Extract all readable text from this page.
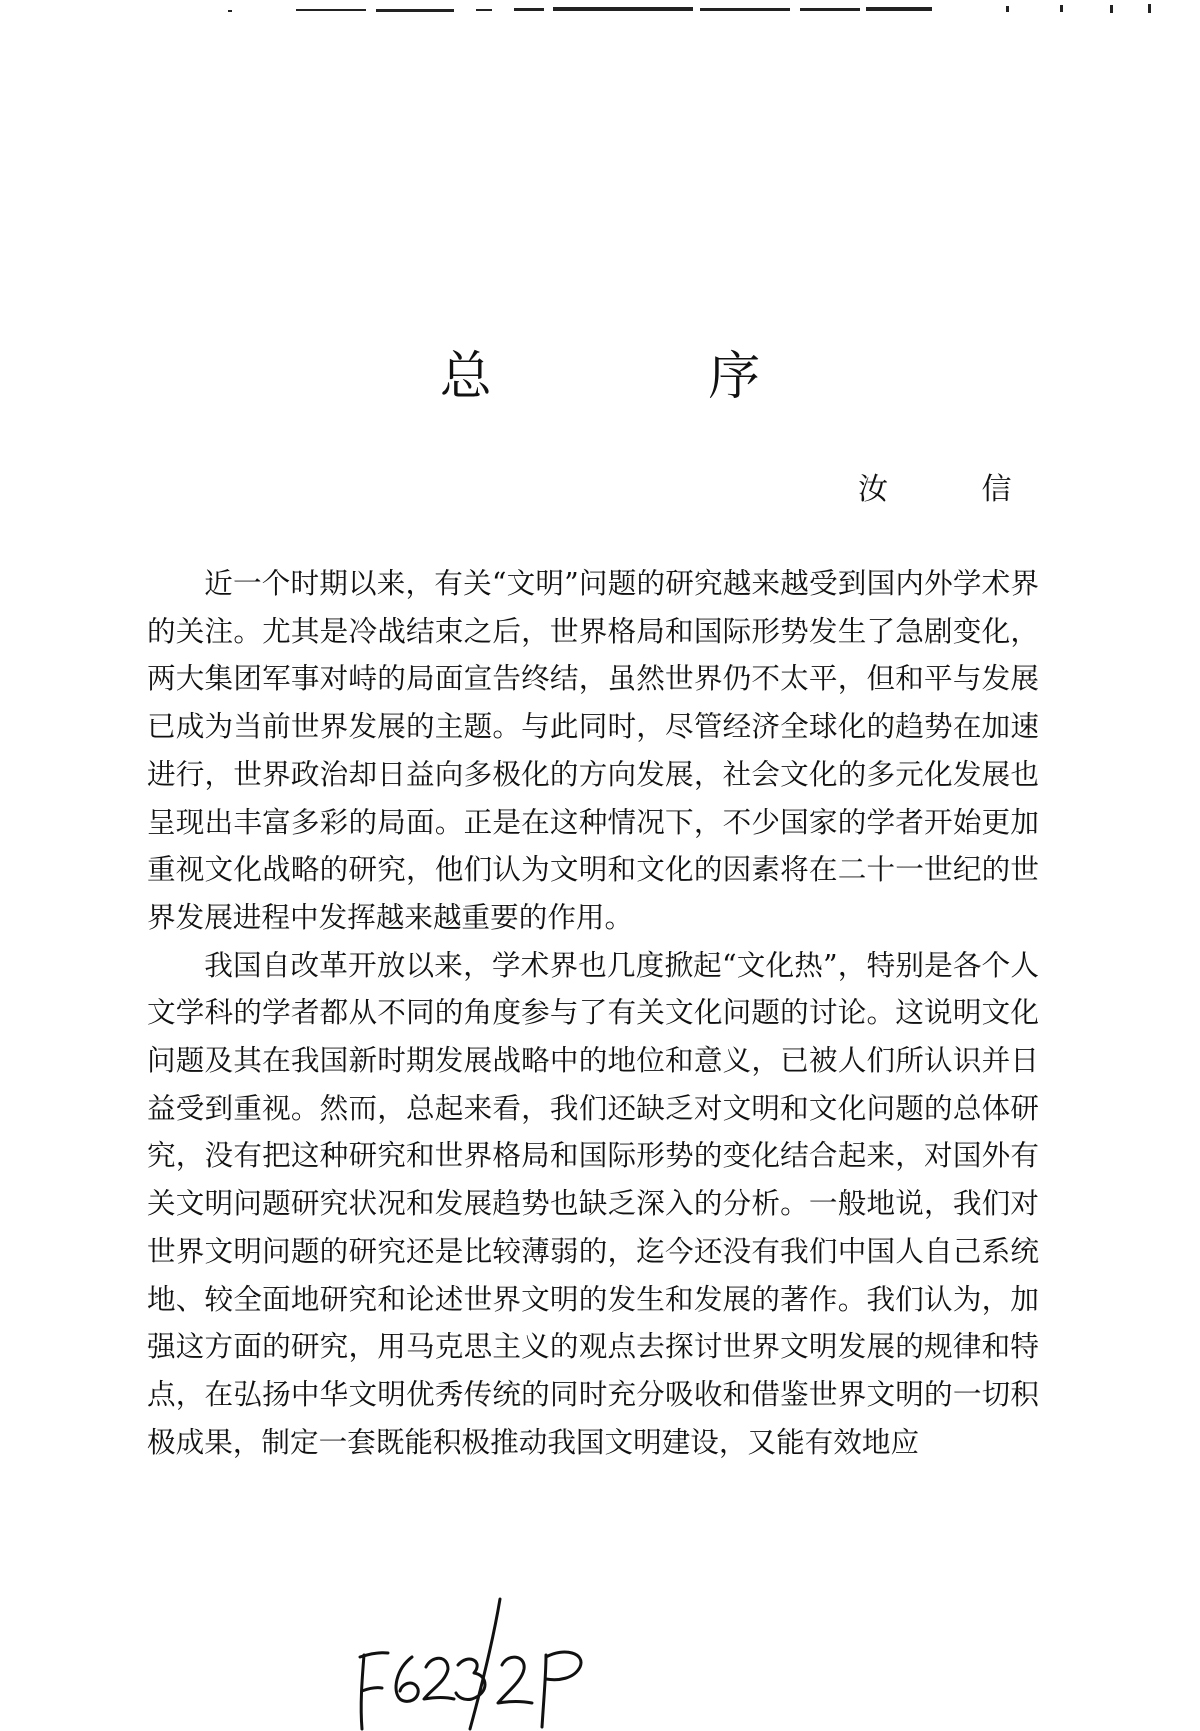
总 序
汝 信

近一个时期以来，有关“文明”问题的研究越来越受到国内外学术界的关注。尤其是冷战结束之后，世界格局和国际形势发生了急剧变化，两大集团军事对峙的局面宣告终结，虽然世界仍不太平，但和平与发展已成为当前世界发展的主题。与此同时，尽管经济全球化的趋势在加速进行，世界政治却日益向多极化的方向发展，社会文化的多元化发展也呈现出丰富多彩的局面。正是在这种情况下，不少国家的学者开始更加重视文化战略的研究，他们认为文明和文化的因素将在二十一世纪的世界发展进程中发挥越来越重要的作用。

我国自改革开放以来，学术界也几度掀起“文化热”，特别是各个人文学科的学者都从不同的角度参与了有关文化问题的讨论。这说明文化问题及其在我国新时期发展战略中的地位和意义，已被人们所认识并日益受到重视。然而，总起来看，我们还缺乏对文明和文化问题的总体研究，没有把这种研究和世界格局和国际形势的变化结合起来，对国外有关文明问题研究状况和发展趋势也缺乏深入的分析。一般地说，我们对世界文明问题的研究还是比较薄弱的，迄今还没有我们中国人自己系统地、较全面地研究和论述世界文明的发生和发展的著作。我们认为，加强这方面的研究，用马克思主义的观点去探讨世界文明发展的规律和特点，在弘扬中华文明优秀传统的同时充分吸收和借鉴世界文明的一切积极成果，制定一套既能积极推动我国文明建设，又能有效地应
